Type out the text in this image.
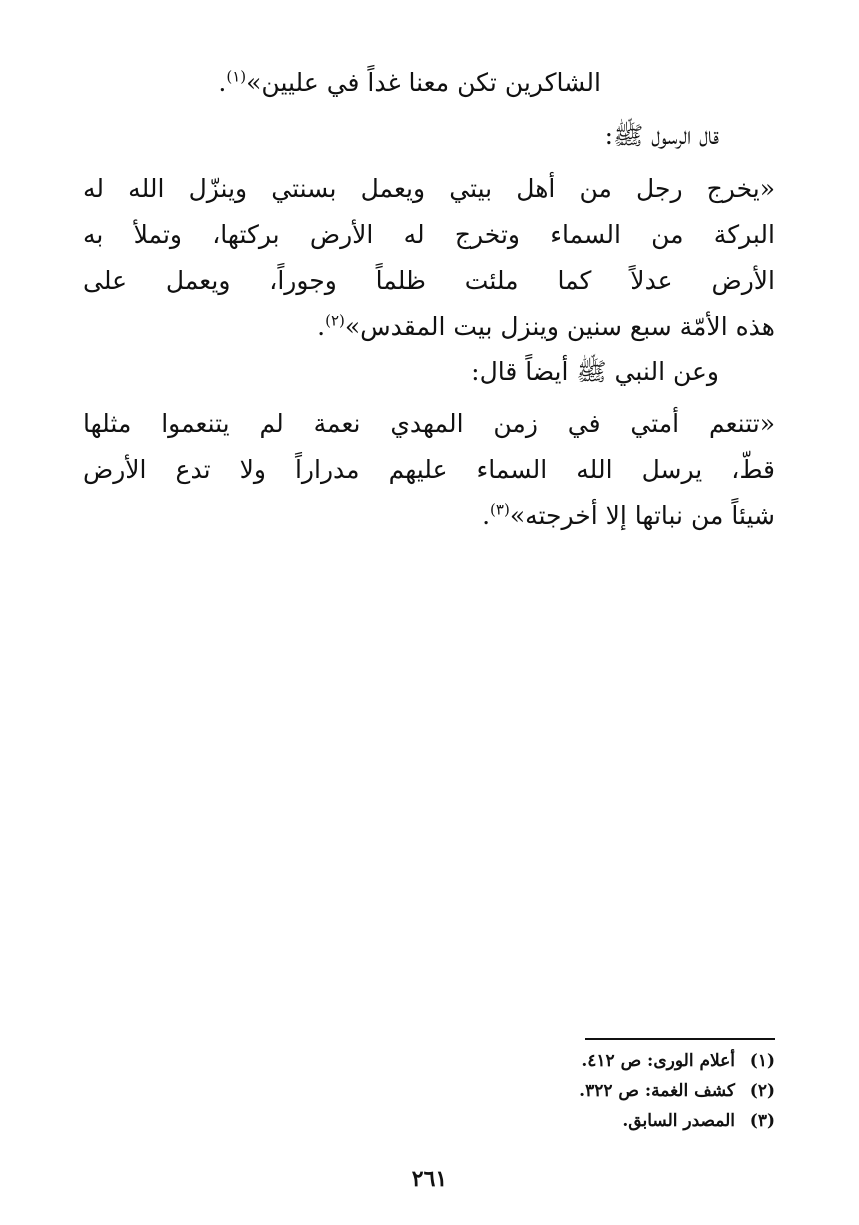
الشاكرين تكن معنا غداً في عليين»$^{(١)}$.
قال الرسول ﷺ:
«يخرج رجل من أهل بيتي ويعمل بسنتي وينزّل الله له
البركة من السماء وتخرج له الأرض بركتها، وتملأ به
الأرض عدلاً كما ملئت ظلماً وجوراً، ويعمل على
هذه الأمّة سبع سنين وينزل بيت المقدس»$^{(٢)}$.
وعن النبي ﷺ أيضاً قال:
«تتنعم أمتي في زمن المهدي نعمة لم يتنعموا مثلها
قطّ، يرسل الله السماء عليهم مدراراً ولا تدع الأرض
شيئاً من نباتها إلا أخرجته»$^{(٣)}$.
(١)أعلام الورى: ص ٤١٢.
(٢)كشف الغمة: ص ٣٢٢.
(٣)المصدر السابق.
٢٦١
